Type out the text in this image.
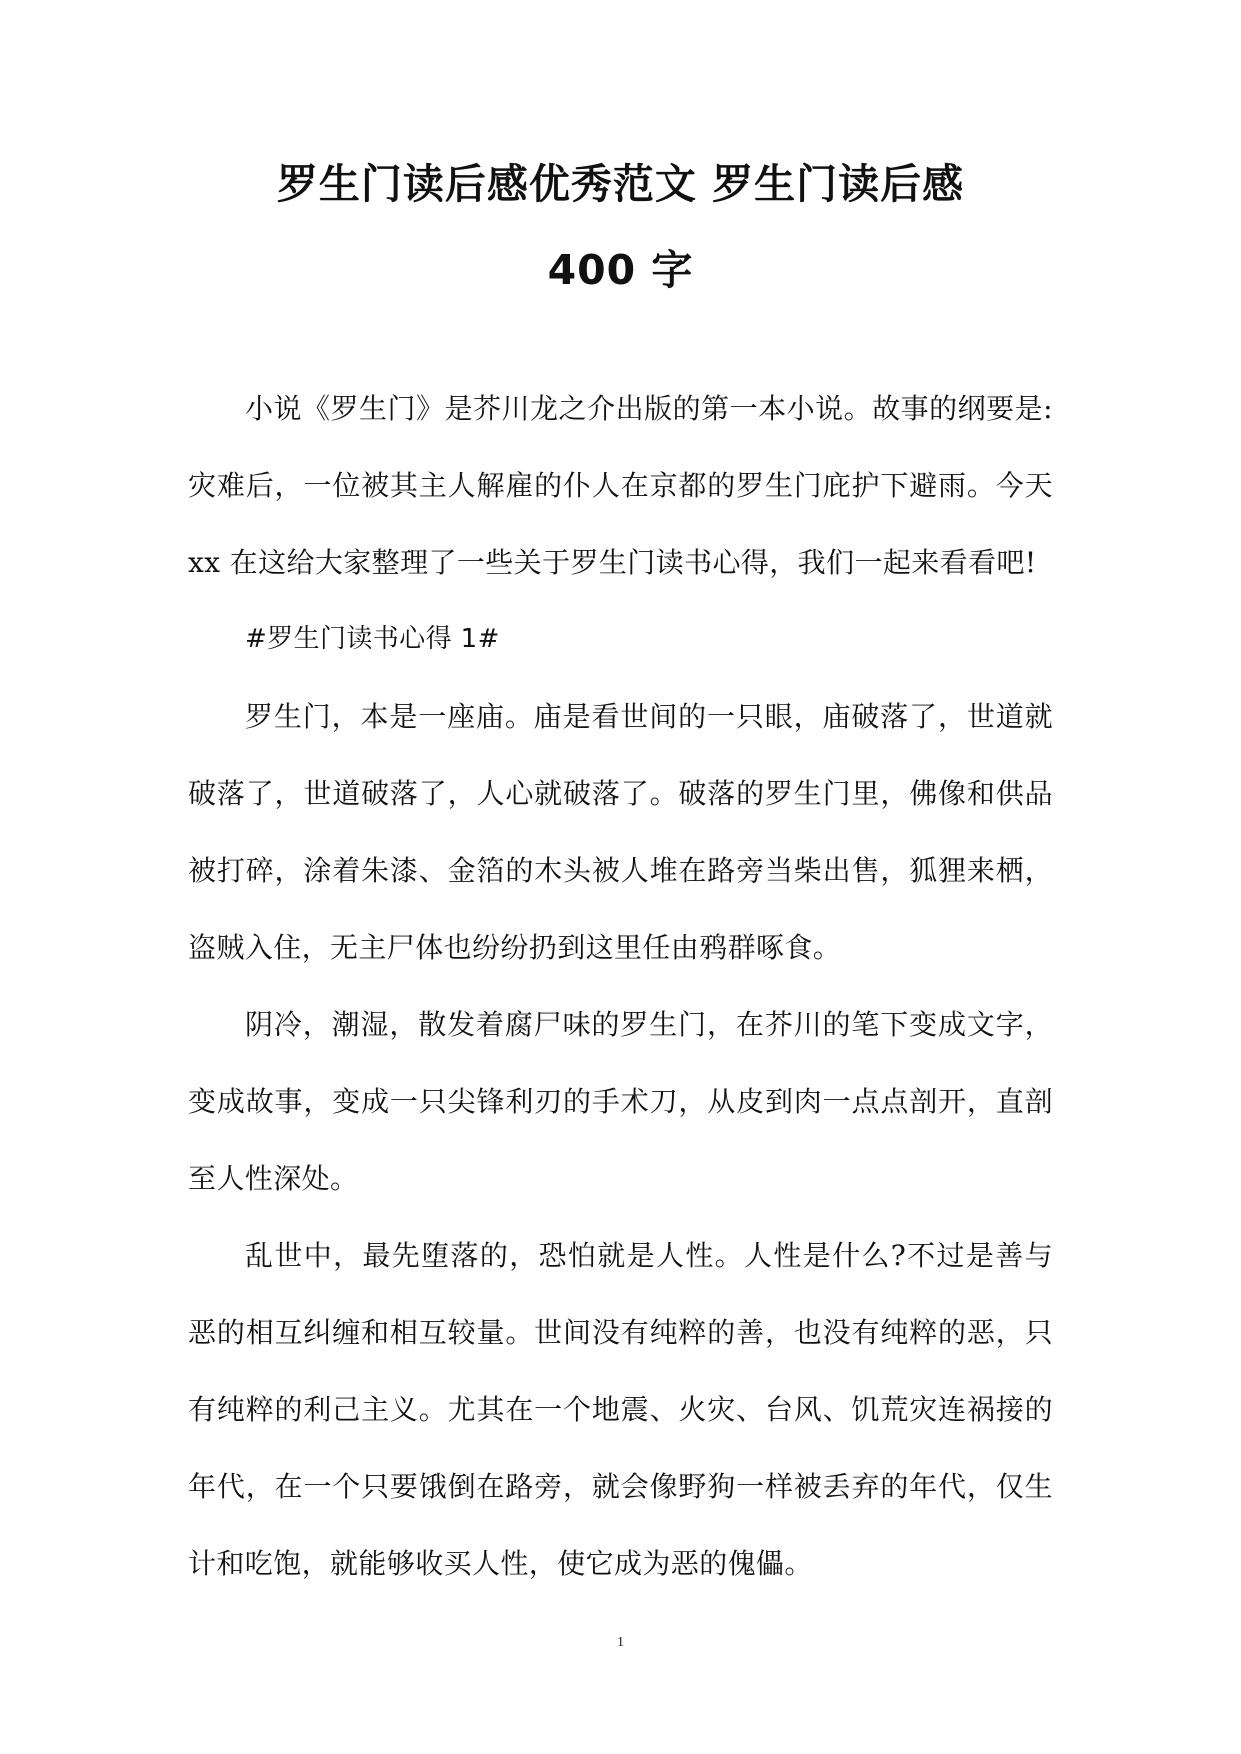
罗生门读后感优秀范文 罗生门读后感
400 字
小说《罗生门》是芥川龙之介出版的第一本小说。故事的纲要是:
灾难后，一位被其主人解雇的仆人在京都的罗生门庇护下避雨。今天
xx 在这给大家整理了一些关于罗生门读书心得，我们一起来看看吧!
#罗生门读书心得 1#
罗生门，本是一座庙。庙是看世间的一只眼，庙破落了，世道就
破落了，世道破落了，人心就破落了。破落的罗生门里，佛像和供品
被打碎，涂着朱漆、金箔的木头被人堆在路旁当柴出售，狐狸来栖，
盗贼入住，无主尸体也纷纷扔到这里任由鸦群啄食。
阴冷，潮湿，散发着腐尸味的罗生门，在芥川的笔下变成文字，
变成故事，变成一只尖锋利刃的手术刀，从皮到肉一点点剖开，直剖
至人性深处。
乱世中，最先堕落的，恐怕就是人性。人性是什么?不过是善与
恶的相互纠缠和相互较量。世间没有纯粹的善，也没有纯粹的恶，只
有纯粹的利己主义。尤其在一个地震、火灾、台风、饥荒灾连祸接的
年代，在一个只要饿倒在路旁，就会像野狗一样被丢弃的年代，仅生
计和吃饱，就能够收买人性，使它成为恶的傀儡。
1
